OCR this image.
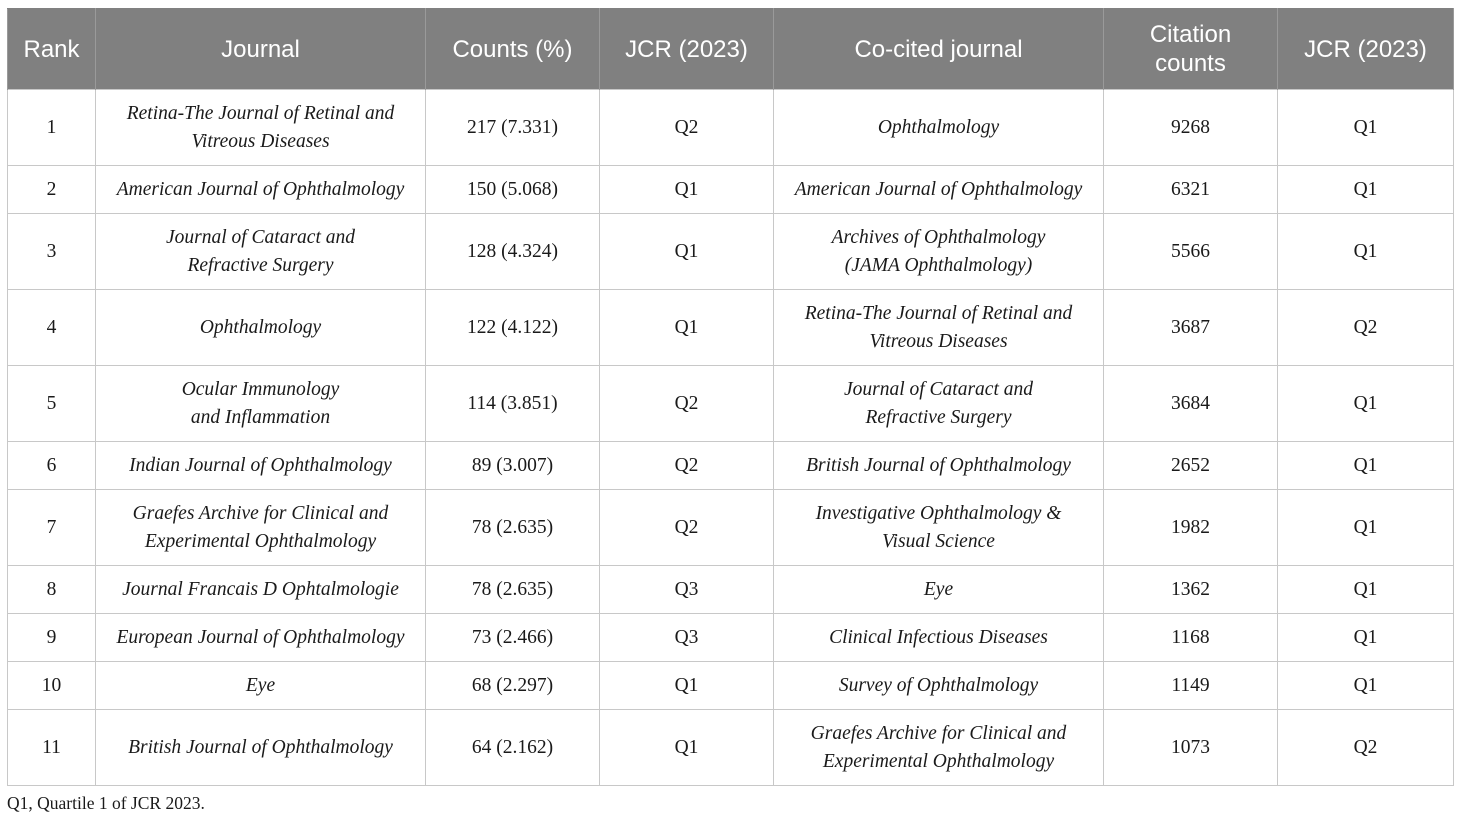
Rank	Journal	Counts (%)	JCR (2023)	Co-cited journal	Citation
counts	JCR (2023)
1	Retina-The Journal of Retinal and
Vitreous Diseases	217 (7.331)	Q2	Ophthalmology	9268	Q1
2	American Journal of Ophthalmology	150 (5.068)	Q1	American Journal of Ophthalmology	6321	Q1
3	Journal of Cataract and
Refractive Surgery	128 (4.324)	Q1	Archives of Ophthalmology
(JAMA Ophthalmology)	5566	Q1
4	Ophthalmology	122 (4.122)	Q1	Retina-The Journal of Retinal and
Vitreous Diseases	3687	Q2
5	Ocular Immunology
and Inflammation	114 (3.851)	Q2	Journal of Cataract and
Refractive Surgery	3684	Q1
6	Indian Journal of Ophthalmology	89 (3.007)	Q2	British Journal of Ophthalmology	2652	Q1
7	Graefes Archive for Clinical and
Experimental Ophthalmology	78 (2.635)	Q2	Investigative Ophthalmology &
Visual Science	1982	Q1
8	Journal Francais D Ophtalmologie	78 (2.635)	Q3	Eye	1362	Q1
9	European Journal of Ophthalmology	73 (2.466)	Q3	Clinical Infectious Diseases	1168	Q1
10	Eye	68 (2.297)	Q1	Survey of Ophthalmology	1149	Q1
11	British Journal of Ophthalmology	64 (2.162)	Q1	Graefes Archive for Clinical and
Experimental Ophthalmology	1073	Q2
Q1, Quartile 1 of JCR 2023.
